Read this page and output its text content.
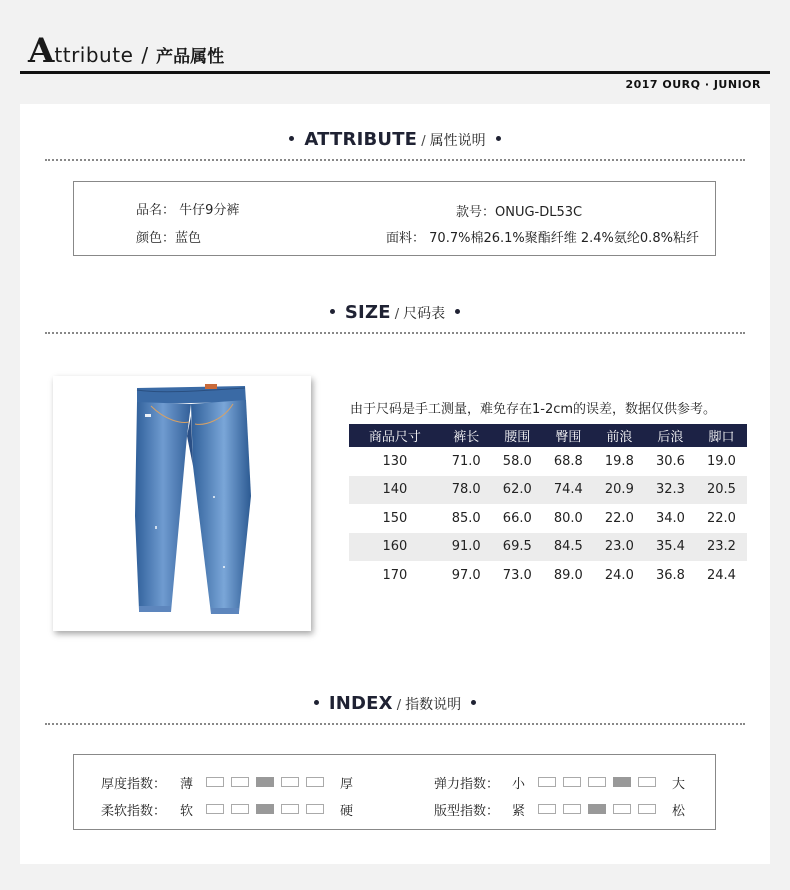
A ttribute / 产品属性
2017 OURQ · JUNIOR
ATTRIBUTE / 属性说明
品名： 牛仔9分裤	款号：ONUG-DL53C
颜色：蓝色	面料： 70.7%棉26.1%聚酯纤维 2.4%氨纶0.8%粘纤
SIZE / 尺码表
由于尺码是手工测量，难免存在1-2cm的误差，数据仅供参考。
商品尺寸	裤长	腰围	臀围	前浪	后浪	脚口
130	71.0	58.0	68.8	19.8	30.6	19.0
140	78.0	62.0	74.4	20.9	32.3	20.5
150	85.0	66.0	80.0	22.0	34.0	22.0
160	91.0	69.5	84.5	23.0	35.4	23.2
170	97.0	73.0	89.0	24.0	36.8	24.4
INDEX / 指数说明
厚度指数： 薄	厚
柔软指数： 软	硬
弹力指数： 小	大
版型指数： 紧	松
